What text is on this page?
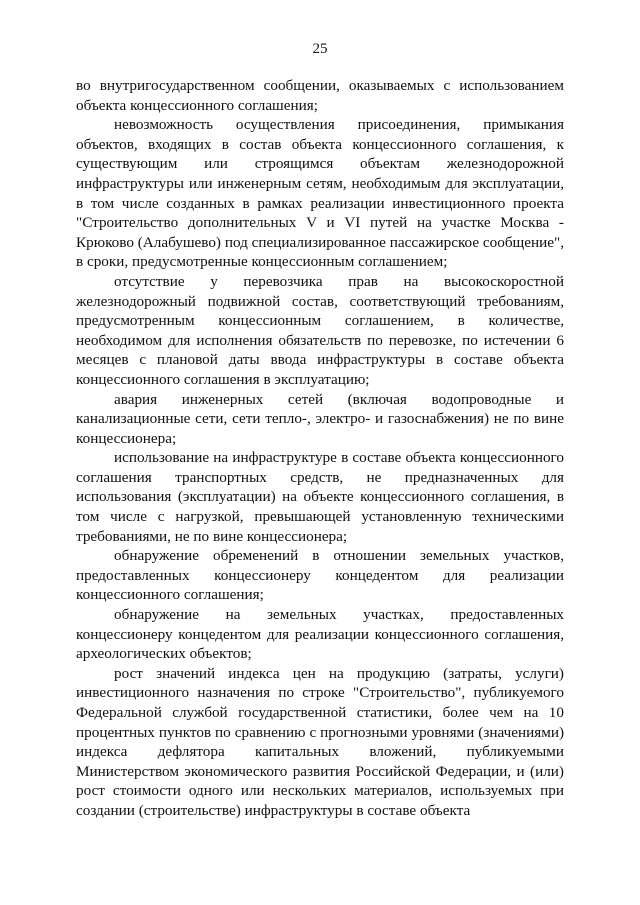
25

во внутригосударственном сообщении, оказываемых с использованием объекта концессионного соглашения;

невозможность осуществления присоединения, примыкания объектов, входящих в состав объекта концессионного соглашения, к существующим или строящимся объектам железнодорожной инфраструктуры или инженерным сетям, необходимым для эксплуатации, в том числе созданных в рамках реализации инвестиционного проекта "Строительство дополнительных V и VI путей на участке Москва - Крюково (Алабушево) под специализированное пассажирское сообщение", в сроки, предусмотренные концессионным соглашением;

отсутствие у перевозчика прав на высокоскоростной железнодорожный подвижной состав, соответствующий требованиям, предусмотренным концессионным соглашением, в количестве, необходимом для исполнения обязательств по перевозке, по истечении 6 месяцев с плановой даты ввода инфраструктуры в составе объекта концессионного соглашения в эксплуатацию;

авария инженерных сетей (включая водопроводные и канализационные сети, сети тепло-, электро- и газоснабжения) не по вине концессионера;

использование на инфраструктуре в составе объекта концессионного соглашения транспортных средств, не предназначенных для использования (эксплуатации) на объекте концессионного соглашения, в том числе с нагрузкой, превышающей установленную техническими требованиями, не по вине концессионера;

обнаружение обременений в отношении земельных участков, предоставленных концессионеру концедентом для реализации концессионного соглашения;

обнаружение на земельных участках, предоставленных концессионеру концедентом для реализации концессионного соглашения, археологических объектов;

рост значений индекса цен на продукцию (затраты, услуги) инвестиционного назначения по строке "Строительство", публикуемого Федеральной службой государственной статистики, более чем на 10 процентных пунктов по сравнению с прогнозными уровнями (значениями) индекса дефлятора капитальных вложений, публикуемыми Министерством экономического развития Российской Федерации, и (или) рост стоимости одного или нескольких материалов, используемых при создании (строительстве) инфраструктуры в составе объекта
